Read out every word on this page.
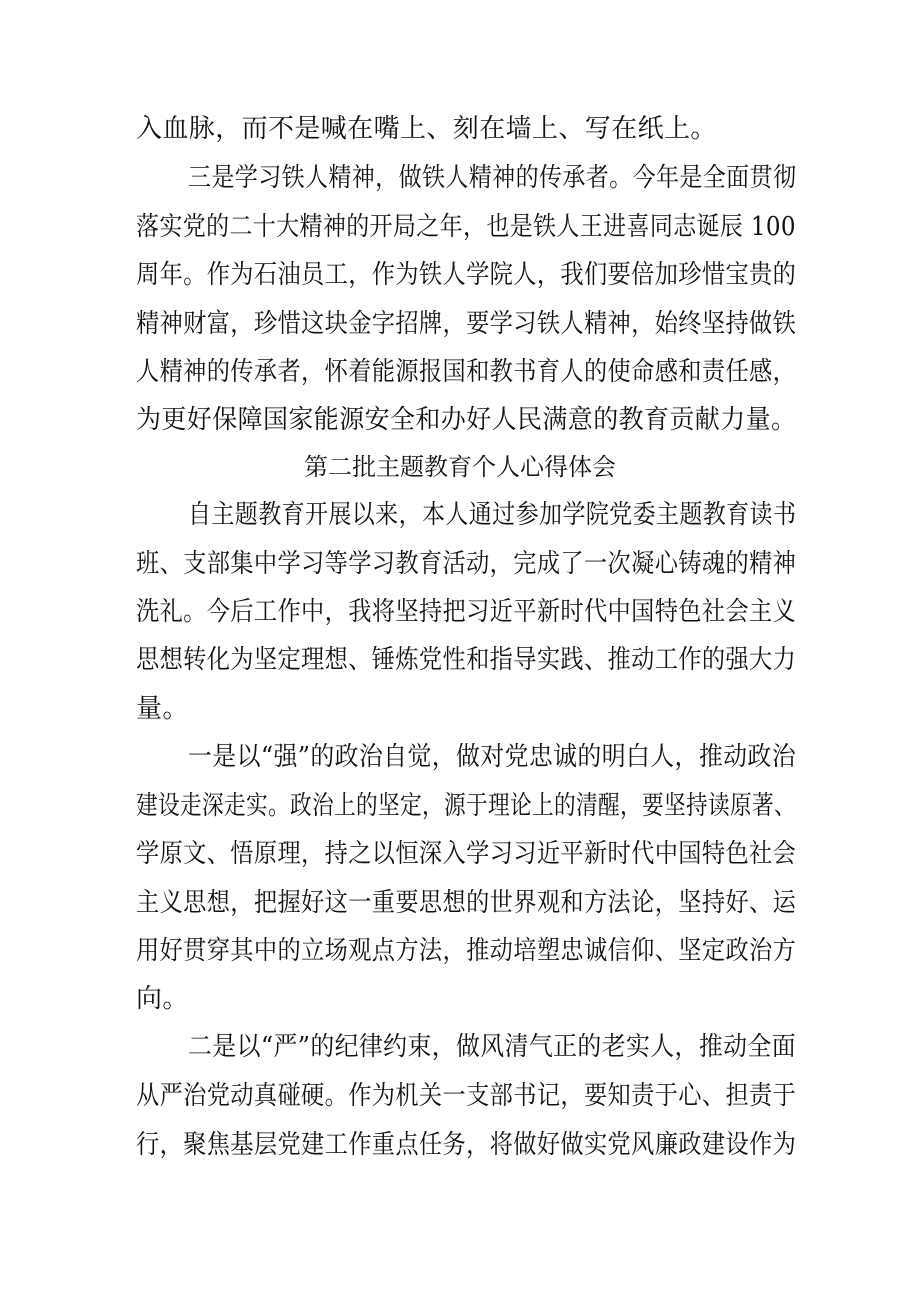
入血脉，而不是喊在嘴上、刻在墙上、写在纸上。
三是学习铁人精神，做铁人精神的传承者。今年是全面贯彻
落实党的二十大精神的开局之年，也是铁人王进喜同志诞辰 100
周年。作为石油员工，作为铁人学院人，我们要倍加珍惜宝贵的
精神财富，珍惜这块金字招牌，要学习铁人精神，始终坚持做铁
人精神的传承者，怀着能源报国和教书育人的使命感和责任感，
为更好保障国家能源安全和办好人民满意的教育贡献力量。
第二批主题教育个人心得体会
自主题教育开展以来，本人通过参加学院党委主题教育读书
班、支部集中学习等学习教育活动，完成了一次凝心铸魂的精神
洗礼。今后工作中，我将坚持把习近平新时代中国特色社会主义
思想转化为坚定理想、锤炼党性和指导实践、推动工作的强大力
量。
一是以“强”的政治自觉，做对党忠诚的明白人，推动政治
建设走深走实。政治上的坚定，源于理论上的清醒，要坚持读原著、
学原文、悟原理，持之以恒深入学习习近平新时代中国特色社会
主义思想，把握好这一重要思想的世界观和方法论，坚持好、运
用好贯穿其中的立场观点方法，推动培塑忠诚信仰、坚定政治方
向。
二是以“严”的纪律约束，做风清气正的老实人，推动全面
从严治党动真碰硬。作为机关一支部书记，要知责于心、担责于
行，聚焦基层党建工作重点任务，将做好做实党风廉政建设作为
